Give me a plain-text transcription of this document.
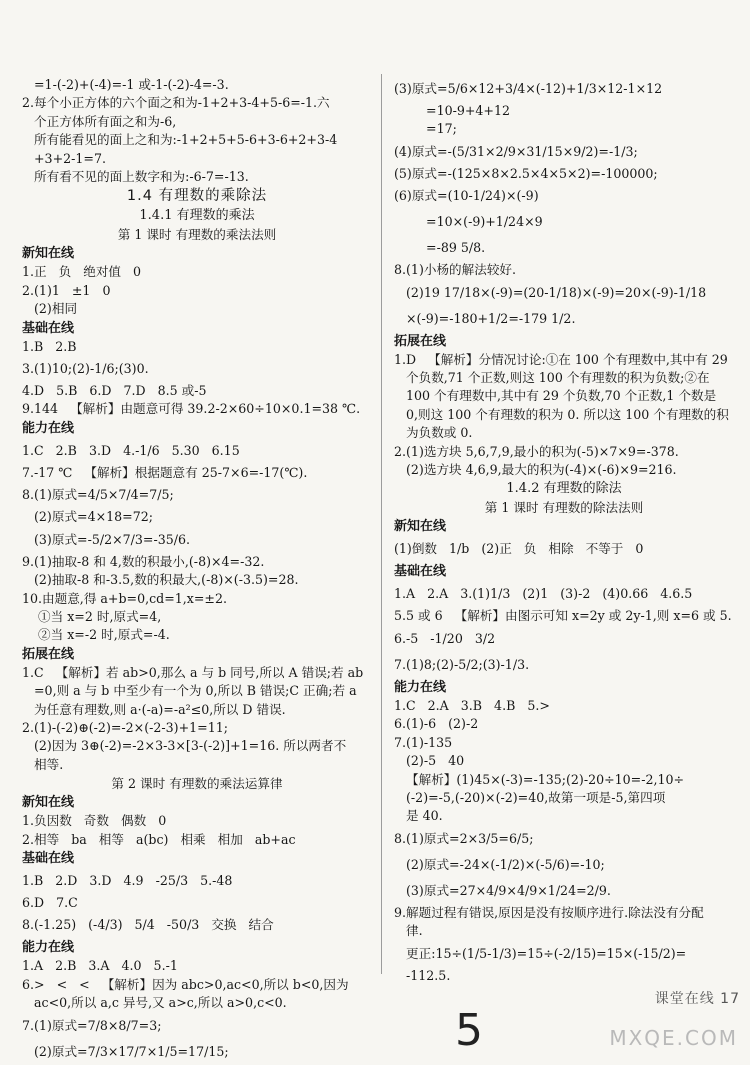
=1-(-2)+(-4)=-1 或-1-(-2)-4=-3.
2.每个小正方体的六个面之和为-1+2+3-4+5-6=-1.六
个正方体所有面之和为-6,
所有能看见的面上之和为:-1+2+5+5-6+3-6+2+3-4
+3+2-1=7.
所有看不见的面上数字和为:-6-7=-13.
1.4 有理数的乘除法
1.4.1 有理数的乘法
第 1 课时 有理数的乘法法则
新知在线
1.正   负   绝对值   0
2.(1)1   ±1   0
(2)相同
基础在线
1.B   2.B
3.(1)10;(2)-1/6;(3)0.
4.D   5.B   6.D   7.D   8.5 或-5
9.144   【解析】由题意可得 39.2-2×60÷10×0.1=38 ℃.
能力在线
1.C   2.B   3.D   4.-1/6   5.30   6.15
7.-17 ℃   【解析】根据题意有 25-7×6=-17(℃).
8.(1)原式=4/5×7/4=7/5;
(2)原式=4×18=72;
(3)原式=-5/2×7/3=-35/6.
9.(1)抽取-8 和 4,数的积最小,(-8)×4=-32.
(2)抽取-8 和-3.5,数的积最大,(-8)×(-3.5)=28.
10.由题意,得 a+b=0,cd=1,x=±2.
①当 x=2 时,原式=4,
②当 x=-2 时,原式=-4.
拓展在线
1.C   【解析】若 ab>0,那么 a 与 b 同号,所以 A 错误;若 ab
=0,则 a 与 b 中至少有一个为 0,所以 B 错误;C 正确;若 a
为任意有理数,则 a·(-a)=-a²≤0,所以 D 错误.
2.(1)-(-2)⊕(-2)=-2×(-2-3)+1=11;
(2)因为 3⊕(-2)=-2×3-3×[3-(-2)]+1=16. 所以两者不
相等.
第 2 课时 有理数的乘法运算律
新知在线
1.负因数   奇数   偶数   0
2.相等   ba   相等   a(bc)   相乘   相加   ab+ac
基础在线
1.B   2.D   3.D   4.9   -25/3   5.-48
6.D   7.C
8.(-1.25)   (-4/3)   5/4   -50/3   交换   结合
能力在线
1.A   2.B   3.A   4.0   5.-1
6.>   <   <   【解析】因为 abc>0,ac<0,所以 b<0,因为
ac<0,所以 a,c 异号,又 a>c,所以 a>0,c<0.
7.(1)原式=7/8×8/7=3;
(2)原式=7/3×17/7×1/5=17/15;
(3)原式=5/6×12+3/4×(-12)+1/3×12-1×12
=10-9+4+12
=17;
(4)原式=-(5/31×2/9×31/15×9/2)=-1/3;
(5)原式=-(125×8×2.5×4×5×2)=-100000;
(6)原式=(10-1/24)×(-9)
=10×(-9)+1/24×9
=-89 5/8.
8.(1)小杨的解法较好.
(2)19 17/18×(-9)=(20-1/18)×(-9)=20×(-9)-1/18
×(-9)=-180+1/2=-179 1/2.
拓展在线
1.D   【解析】分情况讨论:①在 100 个有理数中,其中有 29
个负数,71 个正数,则这 100 个有理数的积为负数;②在
100 个有理数中,其中有 29 个负数,70 个正数,1 个数是
0,则这 100 个有理数的积为 0. 所以这 100 个有理数的积
为负数或 0.
2.(1)选方块 5,6,7,9,最小的积为(-5)×7×9=-378.
(2)选方块 4,6,9,最大的积为(-4)×(-6)×9=216.
1.4.2 有理数的除法
第 1 课时 有理数的除法法则
新知在线
(1)倒数   1/b   (2)正   负   相除   不等于   0
基础在线
1.A   2.A   3.(1)1/3   (2)1   (3)-2   (4)0.66   4.6.5
5.5 或 6   【解析】由图示可知 x=2y 或 2y-1,则 x=6 或 5.
6.-5   -1/20   3/2
7.(1)8;(2)-5/2;(3)-1/3.
能力在线
1.C   2.A   3.B   4.B   5.>
6.(1)-6   (2)-2
7.(1)-135
(2)-5   40
【解析】(1)45×(-3)=-135;(2)-20÷10=-2,10÷
(-2)=-5,(-20)×(-2)=40,故第一项是-5,第四项
是 40.
8.(1)原式=2×3/5=6/5;
(2)原式=-24×(-1/2)×(-5/6)=-10;
(3)原式=27×4/9×4/9×1/24=2/9.
9.解题过程有错误,原因是没有按顺序进行.除法没有分配
律.
更正:15÷(1/5-1/3)=15÷(-2/15)=15×(-15/2)=
-112.5.
课堂在线 17
5	MXQE.COM
